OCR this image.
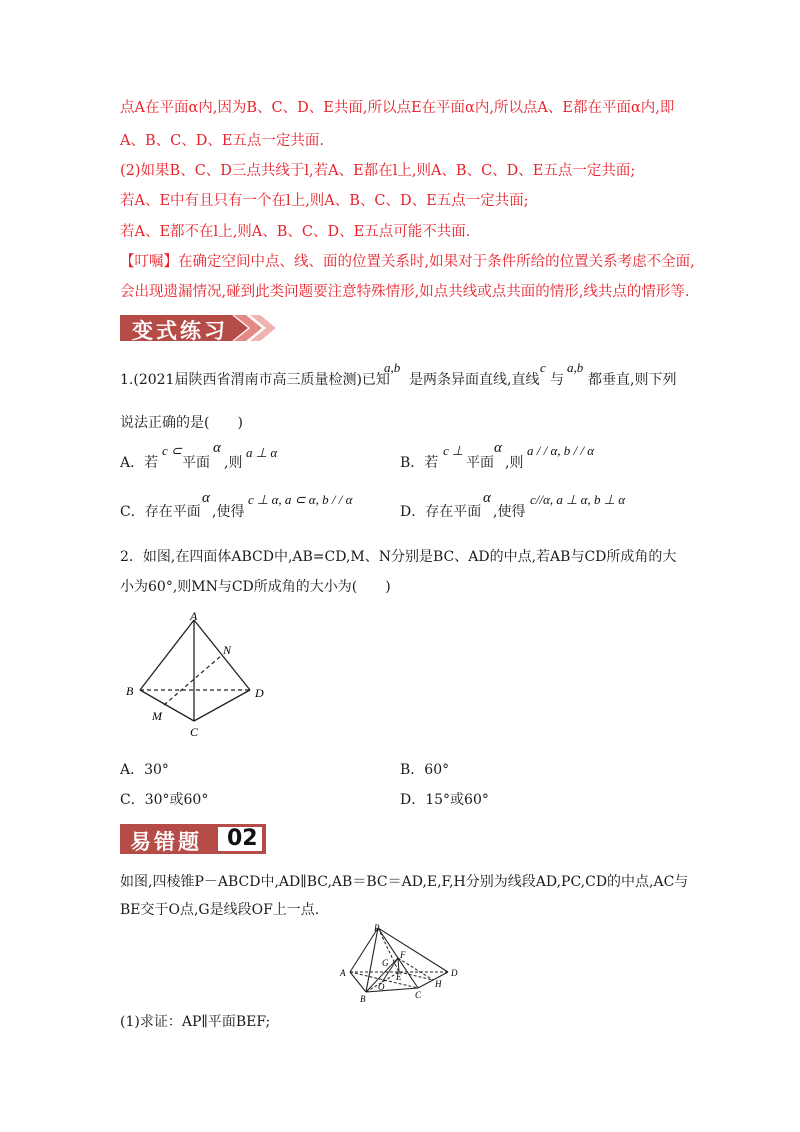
点A在平面α内,因为B、C、D、E共面,所以点E在平面α内,所以点A、E都在平面α内,即
A、B、C、D、E五点一定共面.
(2)如果B、C、D三点共线于l,若A、E都在l上,则A、B、C、D、E五点一定共面;
若A、E中有且只有一个在l上,则A、B、C、D、E五点一定共面;
若A、E都不在l上,则A、B、C、D、E五点可能不共面.
【叮嘱】在确定空间中点、线、面的位置关系时,如果对于条件所给的位置关系考虑不全面,
会出现遗漏情况,碰到此类问题要注意特殊情形,如点共线或点共面的情形,线共点的情形等.
变式练习
1.(2021届陕西省渭南市高三质量检测)已知
a,b
是两条异面直线,直线
c
与
a,b
都垂直,则下列
说法正确的是(　　)
A．若
c ⊂
平面
α
,则
a ⊥ α
B．若
c ⊥
平面
α
,则
a / / α, b / / α
C．存在平面
α
,使得
c ⊥ α, a ⊂ α, b / / α
D．存在平面
α
,使得
c//α, a ⊥ α, b ⊥ α
2．如图,在四面体ABCD中,AB=CD,M、N分别是BC、AD的中点,若AB与CD所成角的大
小为60°,则MN与CD所成角的大小为(　　)
A
N
B	D
M
C
A．30°	B．60°
C．30°或60°	D．15°或60°
易错题 02
如图,四棱锥P－ABCD中,AD∥BC,AB＝BC＝AD,E,F,H分别为线段AD,PC,CD的中点,AC与
BE交于O点,G是线段OF上一点.
P
A	D
G
F
E
O
B	C
H
(1)求证：AP∥平面BEF;
